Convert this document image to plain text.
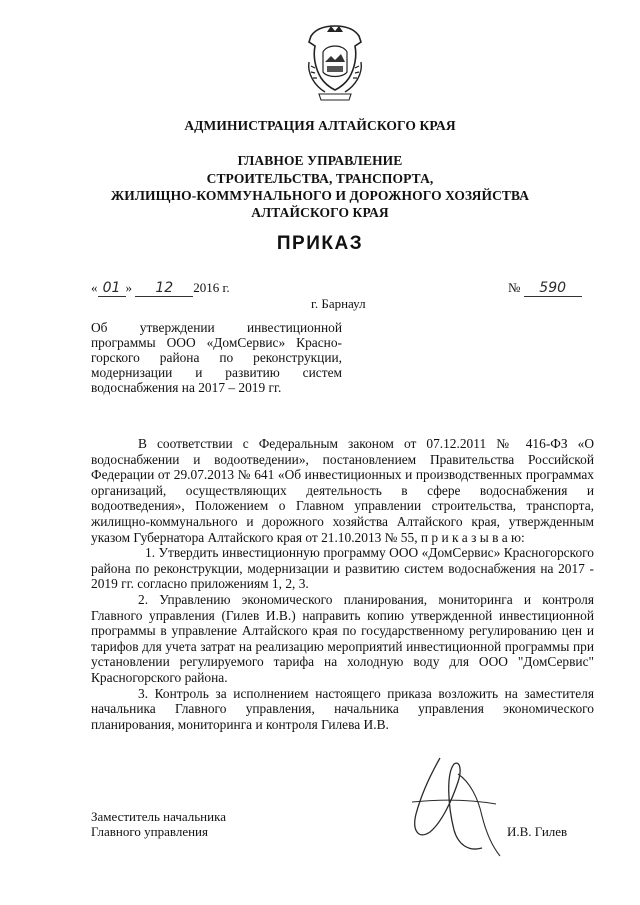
АДМИНИСТРАЦИЯ АЛТАЙСКОГО КРАЯ
ГЛАВНОЕ УПРАВЛЕНИЕ
СТРОИТЕЛЬСТВА, ТРАНСПОРТА,
ЖИЛИЩНО-КОММУНАЛЬНОГО И ДОРОЖНОГО ХОЗЯЙСТВА
АЛТАЙСКОГО КРАЯ
ПРИКАЗ
« 01 » 12 2016 г.	№ 590
г. Барнаул
Об утверждении инвестиционной
программы ООО «ДомСервис» Красно-
горского района по реконструкции,
модернизации и развитию систем
водоснабжения на 2017 – 2019 гг.

В соответствии с Федеральным законом от 07.12.2011 № 416-ФЗ «О водоснабжении и водоотведении», постановлением Правительства Российской Федерации от 29.07.2013 № 641 «Об инвестиционных и производственных программах организаций, осуществляющих деятельность в сфере водоснабжения и водоотведения», Положением о Главном управлении строительства, транспорта, жилищно-коммунального и дорожного хозяйства Алтайского края, утвержденным указом Губернатора Алтайского края от 21.10.2013 № 55, п р и к а з ы в а ю:

1. Утвердить инвестиционную программу ООО «ДомСервис» Красногорского района по реконструкции, модернизации и развитию систем водоснабжения на 2017 - 2019 гг. согласно приложениям 1, 2, 3.

2. Управлению экономического планирования, мониторинга и контроля Главного управления (Гилев И.В.) направить копию утвержденной инвестиционной программы в управление Алтайского края по государственному регулированию цен и тарифов для учета затрат на реализацию мероприятий инвестиционной программы при установлении регулируемого тарифа на холодную воду для ООО "ДомСервис" Красногорского района.

3. Контроль за исполнением настоящего приказа возложить на заместителя начальника Главного управления, начальника управления экономического планирования, мониторинга и контроля Гилева И.В.

Заместитель начальника
Главного управления	И.В. Гилев
